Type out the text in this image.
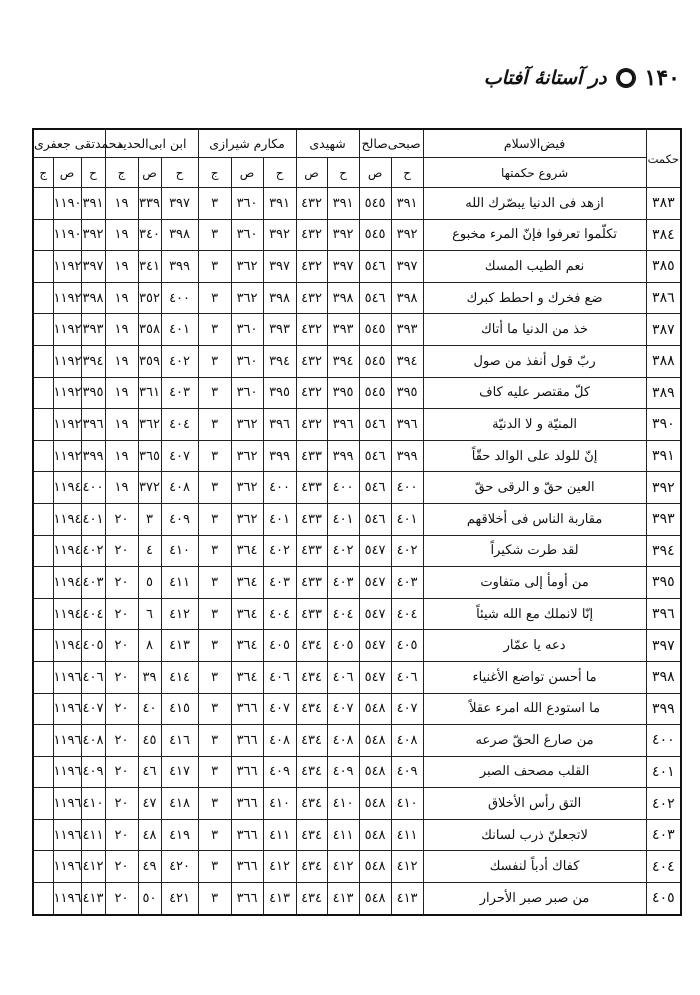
۱۴۰
در آستانهٔ آفتاب
محمدتقی جعفری			ابن ابی‌الحدید			مکارم شیرازی			شهیدی		صبحی‌صالح		فیض‌الاسلام	حکمت
ج	ص	ح	ج	ص	ح	ج	ص	ح	ص	ح	ص	ح	شروع حکمتها	
	١١٩٠	٣٩١	١٩	٣٣٩	٣٩٧	٣	٣٦٠	٣٩١	٤٣٢	٣٩١	٥٤٥	٣٩١	ازهد فى الدنيا يبصّرك الله	٣٨٣
	١١٩٠	٣٩٢	١٩	٣٤٠	٣٩٨	٣	٣٦٠	٣٩٢	٤٣٢	٣٩٢	٥٤٥	٣٩٢	تكلّموا تعرفوا فإنّ المرء مخبوع	٣٨٤
	١١٩٢	٣٩٧	١٩	٣٤١	٣٩٩	٣	٣٦٢	٣٩٧	٤٣٢	٣٩٧	٥٤٦	٣٩٧	نعم الطيب المسك	٣٨٥
	١١٩٢	٣٩٨	١٩	٣٥٢	٤٠٠	٣	٣٦٢	٣٩٨	٤٣٢	٣٩٨	٥٤٦	٣٩٨	ضع فخرك و احطط كبرك	٣٨٦
	١١٩٢	٣٩٣	١٩	٣٥٨	٤٠١	٣	٣٦٠	٣٩٣	٤٣٢	٣٩٣	٥٤٥	٣٩٣	خذ من الدنيا ما أتاك	٣٨٧
	١١٩٢	٣٩٤	١٩	٣٥٩	٤٠٢	٣	٣٦٠	٣٩٤	٤٣٢	٣٩٤	٥٤٥	٣٩٤	ربّ قول أنفذ من صول	٣٨٨
	١١٩٢	٣٩٥	١٩	٣٦١	٤٠٣	٣	٣٦٠	٣٩٥	٤٣٢	٣٩٥	٥٤٥	٣٩٥	كلّ مقتصر عليه كاف	٣٨٩
	١١٩٢	٣٩٦	١٩	٣٦٢	٤٠٤	٣	٣٦٢	٣٩٦	٤٣٢	٣٩٦	٥٤٦	٣٩٦	المنيّة و لا الدنيّة	٣٩٠
	١١٩٢	٣٩٩	١٩	٣٦٥	٤٠٧	٣	٣٦٢	٣٩٩	٤٣٣	٣٩٩	٥٤٦	٣٩٩	إنّ للولد على الوالد حقّاً	٣٩١
	١١٩٤	٤٠٠	١٩	٣٧٢	٤٠٨	٣	٣٦٢	٤٠٠	٤٣٣	٤٠٠	٥٤٦	٤٠٠	العين حقّ و الرقى حقّ	٣٩٢
	١١٩٤	٤٠١	٢٠	٣	٤٠٩	٣	٣٦٢	٤٠١	٤٣٣	٤٠١	٥٤٦	٤٠١	مقاربة الناس فى أخلاقهم	٣٩٣
	١١٩٤	٤٠٢	٢٠	٤	٤١٠	٣	٣٦٤	٤٠٢	٤٣٣	٤٠٢	٥٤٧	٤٠٢	لقد طرت شكيراً	٣٩٤
	١١٩٤	٤٠٣	٢٠	٥	٤١١	٣	٣٦٤	٤٠٣	٤٣٣	٤٠٣	٥٤٧	٤٠٣	من أومأ إلى متفاوت	٣٩٥
	١١٩٤	٤٠٤	٢٠	٦	٤١٢	٣	٣٦٤	٤٠٤	٤٣٣	٤٠٤	٥٤٧	٤٠٤	إنّا لانملك مع الله شيئاً	٣٩٦
	١١٩٤	٤٠٥	٢٠	٨	٤١٣	٣	٣٦٤	٤٠٥	٤٣٤	٤٠٥	٥٤٧	٤٠٥	دعه يا عمّار	٣٩٧
	١١٩٦	٤٠٦	٢٠	٣٩	٤١٤	٣	٣٦٤	٤٠٦	٤٣٤	٤٠٦	٥٤٧	٤٠٦	ما أحسن تواضع الأغنياء	٣٩٨
	١١٩٦	٤٠٧	٢٠	٤٠	٤١٥	٣	٣٦٦	٤٠٧	٤٣٤	٤٠٧	٥٤٨	٤٠٧	ما استودع الله امرء عقلاً	٣٩٩
	١١٩٦	٤٠٨	٢٠	٤٥	٤١٦	٣	٣٦٦	٤٠٨	٤٣٤	٤٠٨	٥٤٨	٤٠٨	من صارع الحقّ صرعه	٤٠٠
	١١٩٦	٤٠٩	٢٠	٤٦	٤١٧	٣	٣٦٦	٤٠٩	٤٣٤	٤٠٩	٥٤٨	٤٠٩	القلب مصحف الصبر	٤٠١
	١١٩٦	٤١٠	٢٠	٤٧	٤١٨	٣	٣٦٦	٤١٠	٤٣٤	٤١٠	٥٤٨	٤١٠	التق رأس الأخلاق	٤٠٢
	١١٩٦	٤١١	٢٠	٤٨	٤١٩	٣	٣٦٦	٤١١	٤٣٤	٤١١	٥٤٨	٤١١	لاتجعلنّ ذرب لسانك	٤٠٣
	١١٩٦	٤١٢	٢٠	٤٩	٤٢٠	٣	٣٦٦	٤١٢	٤٣٤	٤١٢	٥٤٨	٤١٢	كفاك أدباً لنفسك	٤٠٤
	١١٩٦	٤١٣	٢٠	٥٠	٤٢١	٣	٣٦٦	٤١٣	٤٣٤	٤١٣	٥٤٨	٤١٣	من صبر صبر الأحرار	٤٠٥
